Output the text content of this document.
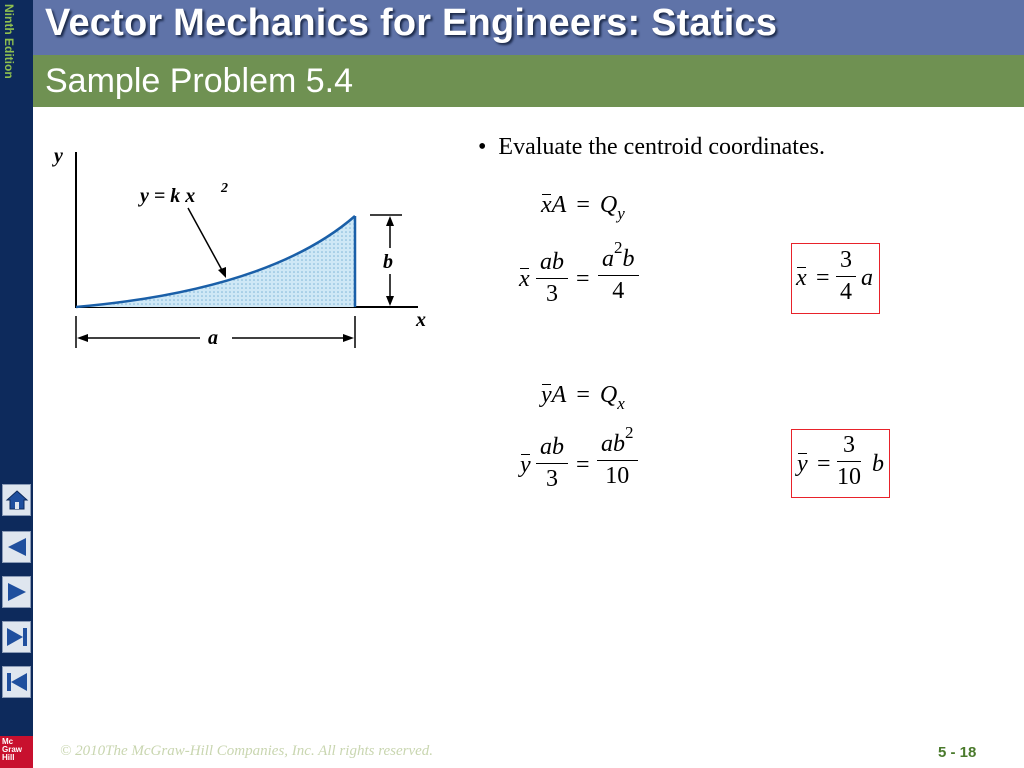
Ninth Edition
Mc
Graw
Hill
Vector Mechanics for Engineers: Statics
Sample Problem 5.4
y
x
y = k x 2
b
a
• Evaluate the centroid coordinates.
xA = $Q_y$
x
ab
3
=
$a^2b$
4	x =
3
4
a
yA = $Q_x$
y
ab
3
=
$ab^2$
10	y =
3
10 b
© 2010The McGraw-Hill Companies, Inc. All rights reserved.	5 - 18
